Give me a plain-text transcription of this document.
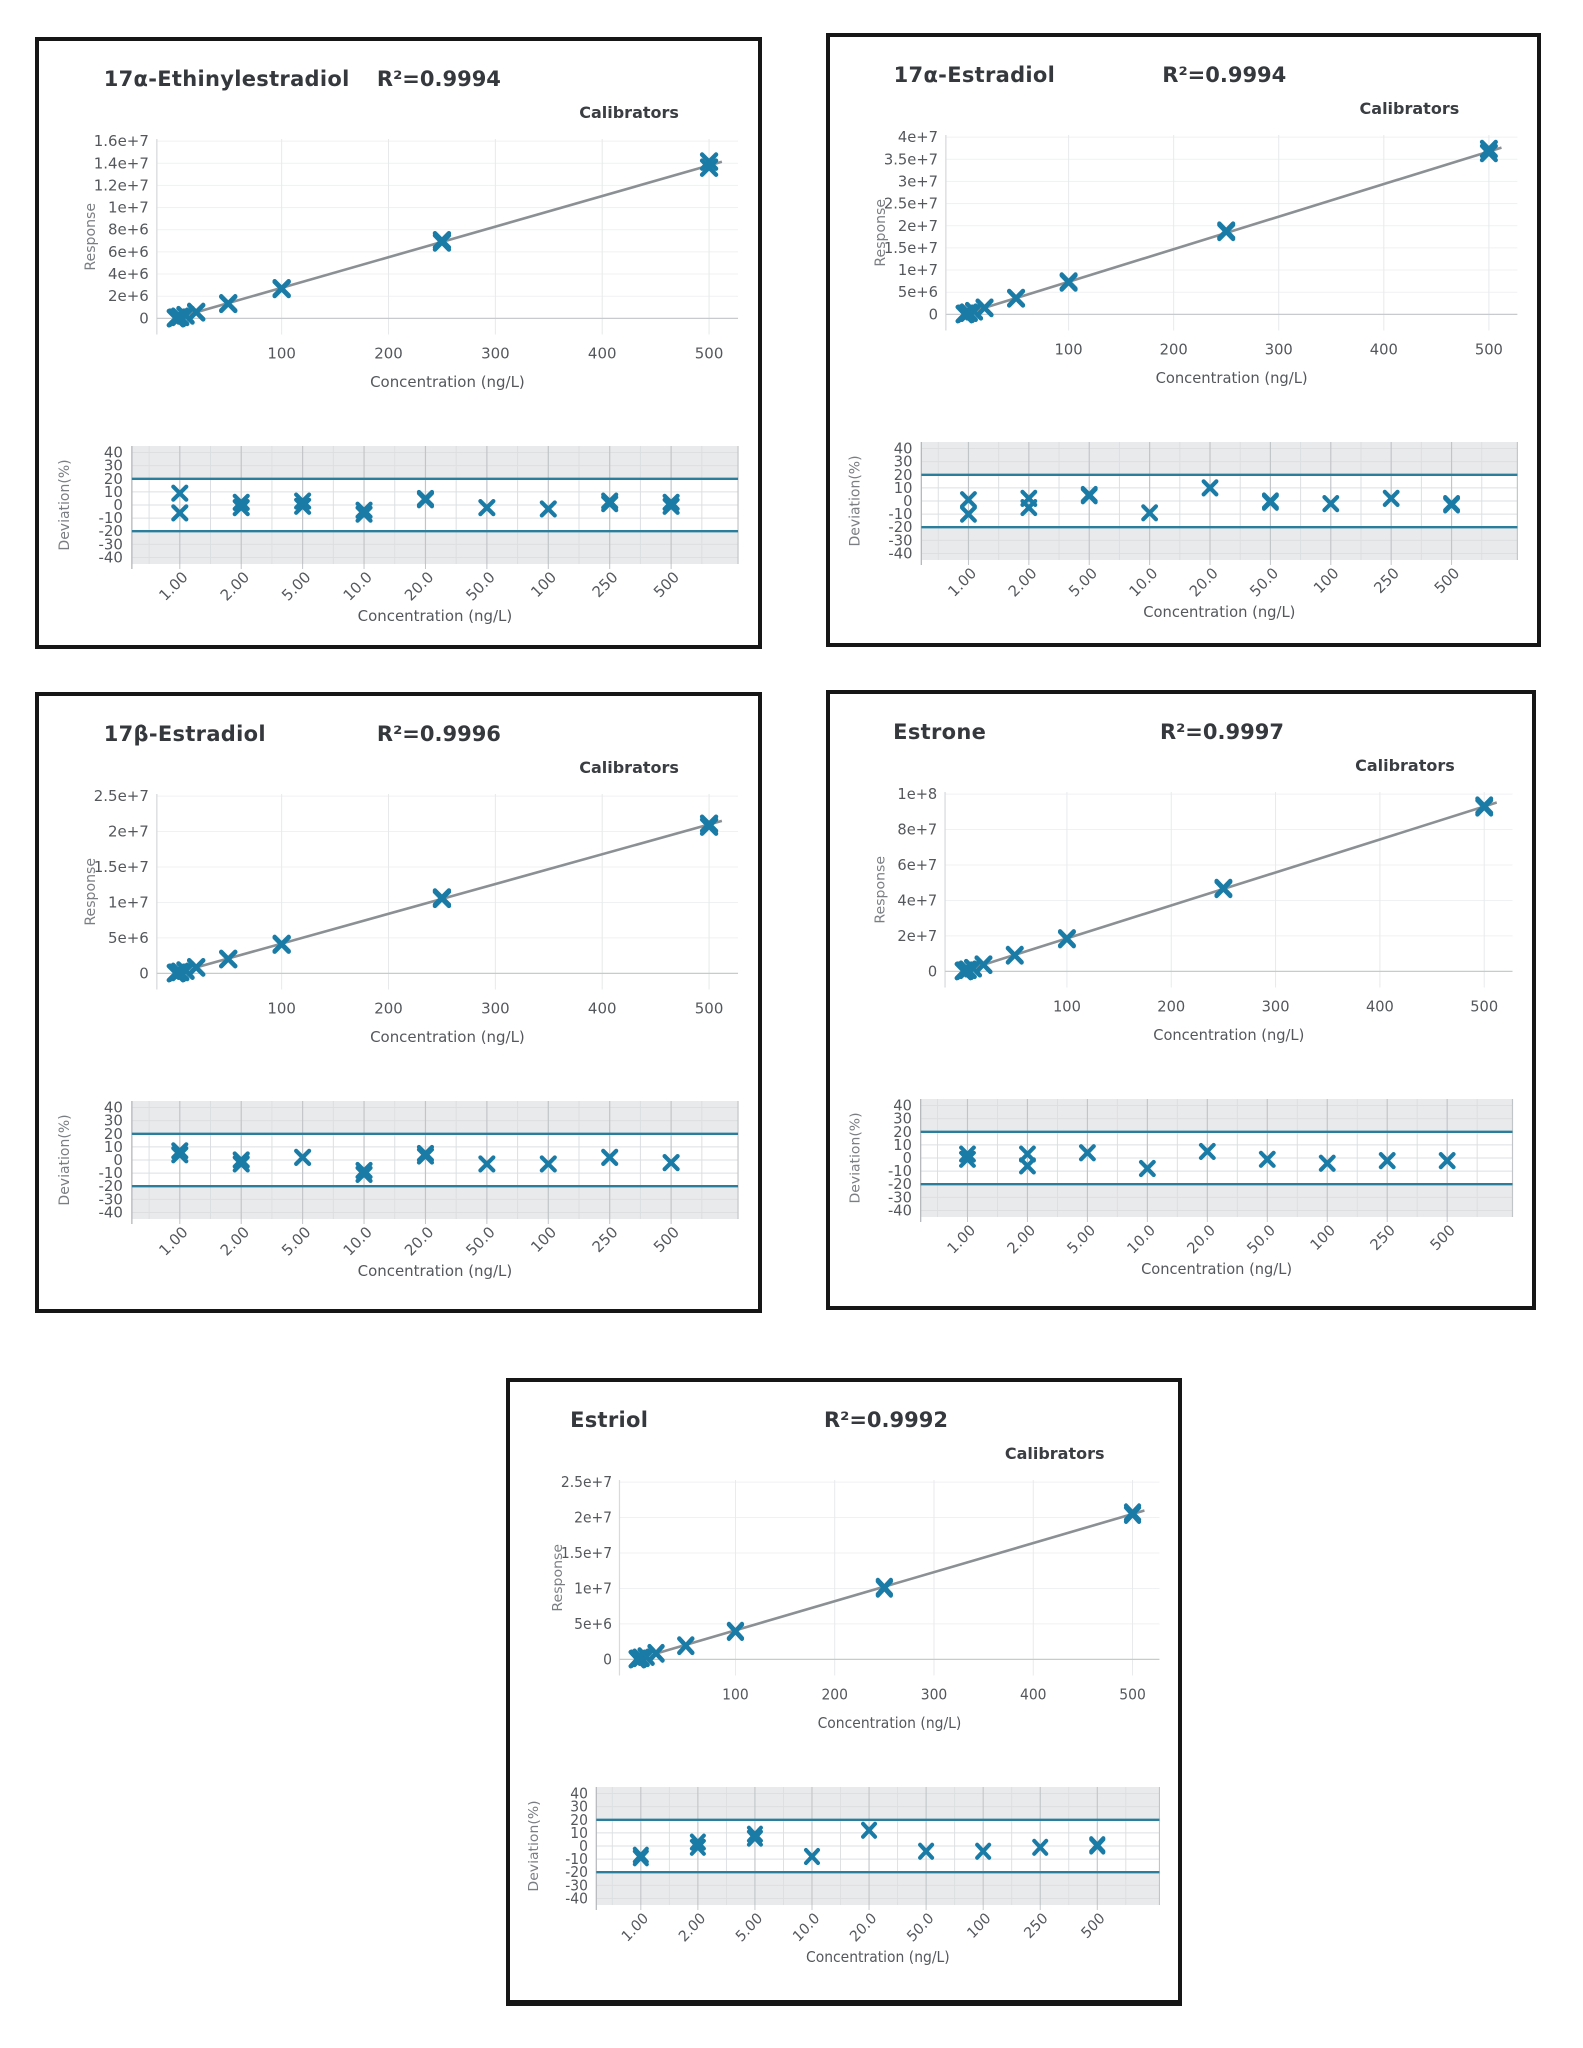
17α-Ethinylestradiol R²=0.9994
Calibrators
0
2e+6
4e+6
6e+6
8e+6
1e+7
1.2e+7
1.4e+7
1.6e+7
100	200	300	400	500
Concentration (ng/L)
Response
40
30
20
10
0
-10
-20
-30
-40
1.00 2.00 5.00 10.0 20.0 50.0 100 250 500
Concentration (ng/L)
Deviation(%)
17α-Estradiol	R²=0.9994
Calibrators
0
5e+6
1e+7
1.5e+7
2e+7
2.5e+7
3e+7
3.5e+7
4e+7
100	200	300	400	500
Concentration (ng/L)
Response
40
30
20
10
0
-10
-20
-30
-40
1.00 2.00 5.00 10.0 20.0 50.0 100 250 500
Concentration (ng/L)
Deviation(%)
17β-Estradiol	R²=0.9996
Calibrators
0
5e+6
1e+7
1.5e+7
2e+7
2.5e+7
100	200	300	400	500
Concentration (ng/L)
Response
40
30
20
10
0
-10
-20
-30
-40
1.00 2.00 5.00 10.0 20.0 50.0 100 250 500
Concentration (ng/L)
Deviation(%)
Estrone	R²=0.9997
Calibrators
0
2e+7
4e+7
6e+7
8e+7
1e+8
100	200	300	400	500
Concentration (ng/L)
Response
40
30
20
10
0
-10
-20
-30
-40
1.00 2.00 5.00 10.0 20.0 50.0 100 250 500
Concentration (ng/L)
Deviation(%)
Estriol	R²=0.9992
Calibrators
0
5e+6
1e+7
1.5e+7
2e+7
2.5e+7
100	200	300	400	500
Concentration (ng/L)
Response
40
30
20
10
0
-10
-20
-30
-40
1.00 2.00 5.00 10.0 20.0 50.0 100 250 500
Concentration (ng/L)
Deviation(%)
